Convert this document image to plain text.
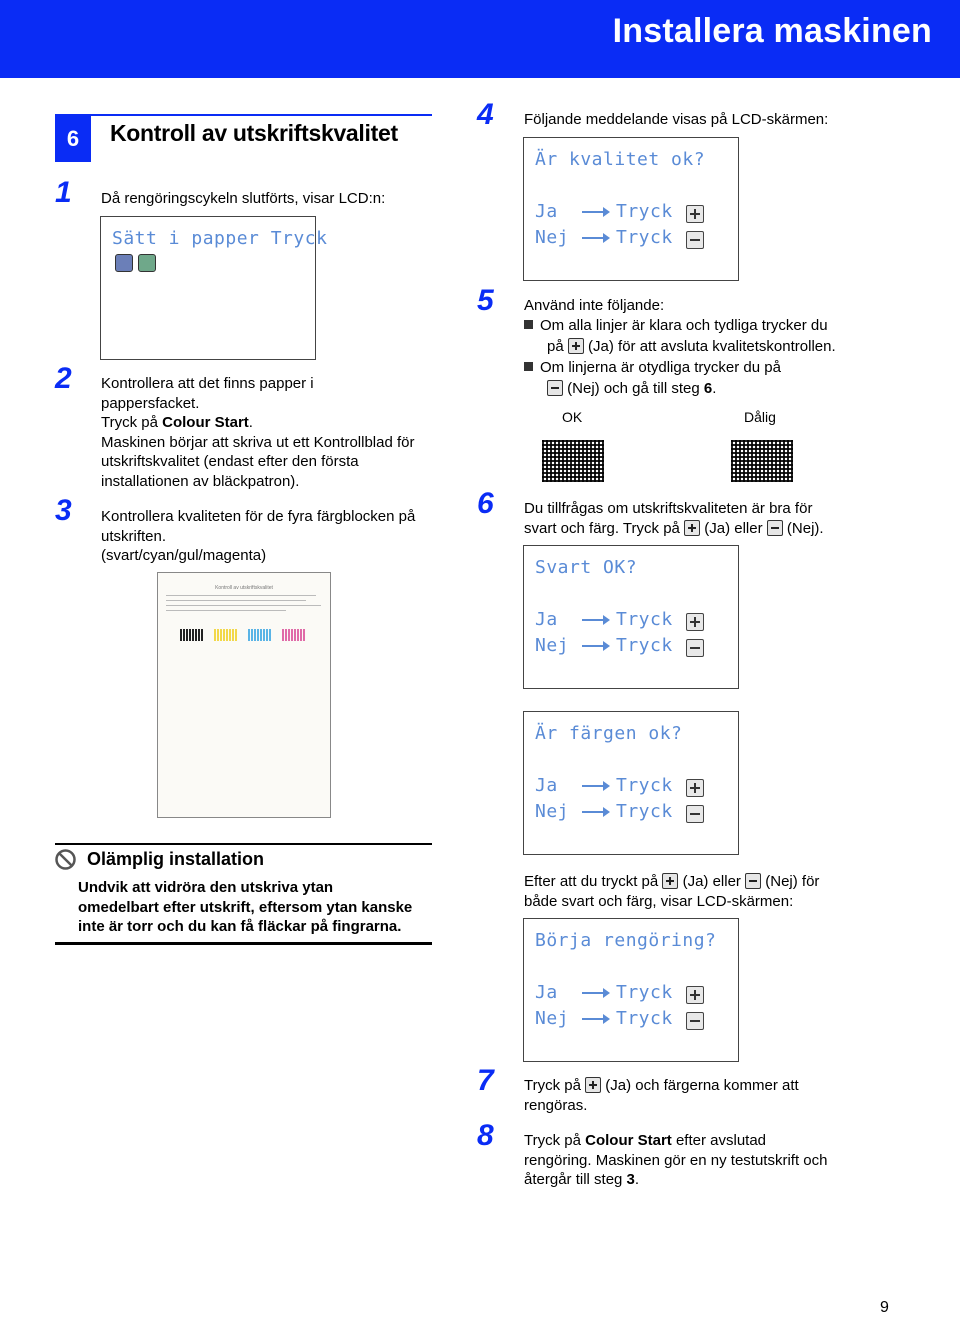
Installera maskinen
6	Kontroll av utskriftskvalitet
1 Då rengöringscykeln slutförts, visar LCD:n:
Sätt i papper Tryck
2 Kontrollera att det finns papper i
pappersfacket.
Tryck på Colour Start.
Maskinen börjar att skriva ut ett Kontrollblad för
utskriftskvalitet (endast efter den första
installationen av bläckpatron).
3 Kontrollera kvaliteten för de fyra färgblocken på
utskriften.
(svart/cyan/gul/magenta)
Kontroll av utskriftskvalitet
Olämplig installation
Undvik att vidröra den utskriva ytan
omedelbart efter utskrift, eftersom ytan kanske
inte är torr och du kan få fläckar på fingrarna.
4 Följande meddelande visas på LCD-skärmen:
Är kvalitet ok?
Ja	Tryck
Nej	Tryck
5 Använd inte följande:
Om alla linjer är klara och tydliga trycker du
på  (Ja) för att avsluta kvalitetskontrollen.
Om linjerna är otydliga trycker du på
(Nej) och gå till steg 6.
OK	Dålig
6 Du tillfrågas om utskriftskvaliteten är bra för
svart och färg. Tryck på  (Ja) eller  (Nej).
Svart OK?
Ja	Tryck
Nej	Tryck
Är färgen ok?
Ja	Tryck
Nej	Tryck
Efter att du tryckt på  (Ja) eller  (Nej) för
både svart och färg, visar LCD-skärmen:
Börja rengöring?
Ja	Tryck
Nej	Tryck
7 Tryck på  (Ja) och färgerna kommer att
rengöras.
8 Tryck på Colour Start efter avslutad
rengöring. Maskinen gör en ny testutskrift och
återgår till steg 3.
9
